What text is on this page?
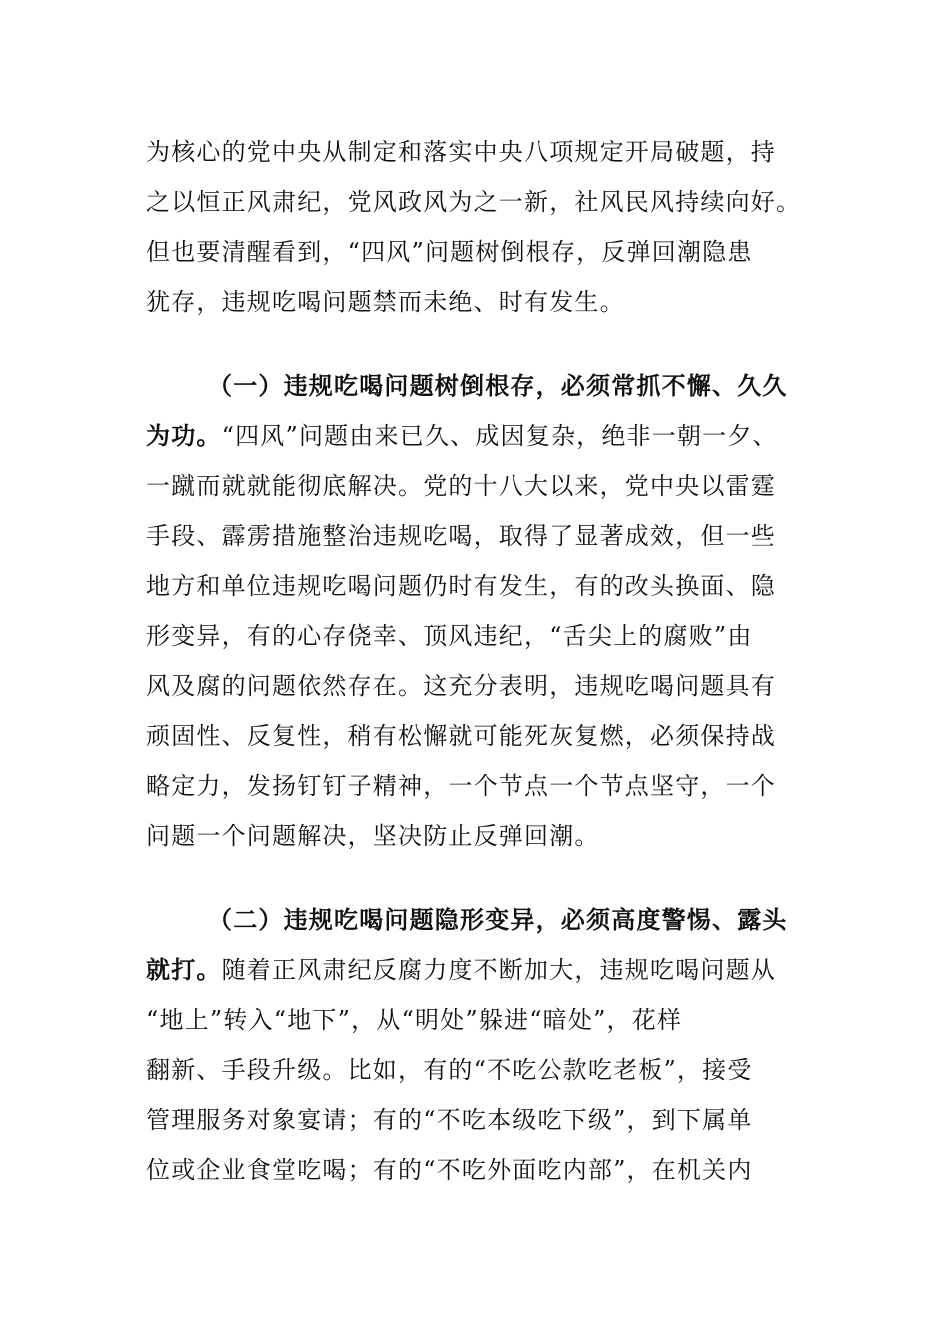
为核心的党中央从制定和落实中央八项规定开局破题，持
之以恒正风肃纪，党风政风为之一新，社风民风持续向好。
但也要清醒看到，“四风”问题树倒根存，反弹回潮隐患
犹存，违规吃喝问题禁而未绝、时有发生。
（一）违规吃喝问题树倒根存，必须常抓不懈、久久
为功。“四风”问题由来已久、成因复杂，绝非一朝一夕、
一蹴而就就能彻底解决。党的十八大以来，党中央以雷霆
手段、霹雳措施整治违规吃喝，取得了显著成效，但一些
地方和单位违规吃喝问题仍时有发生，有的改头换面、隐
形变异，有的心存侥幸、顶风违纪，“舌尖上的腐败”由
风及腐的问题依然存在。这充分表明，违规吃喝问题具有
顽固性、反复性，稍有松懈就可能死灰复燃，必须保持战
略定力，发扬钉钉子精神，一个节点一个节点坚守，一个
问题一个问题解决，坚决防止反弹回潮。
（二）违规吃喝问题隐形变异，必须高度警惕、露头
就打。随着正风肃纪反腐力度不断加大，违规吃喝问题从
“地上”转入“地下”，从“明处”躲进“暗处”，花样
翻新、手段升级。比如，有的“不吃公款吃老板”，接受
管理服务对象宴请；有的“不吃本级吃下级”，到下属单
位或企业食堂吃喝；有的“不吃外面吃内部”，在机关内
